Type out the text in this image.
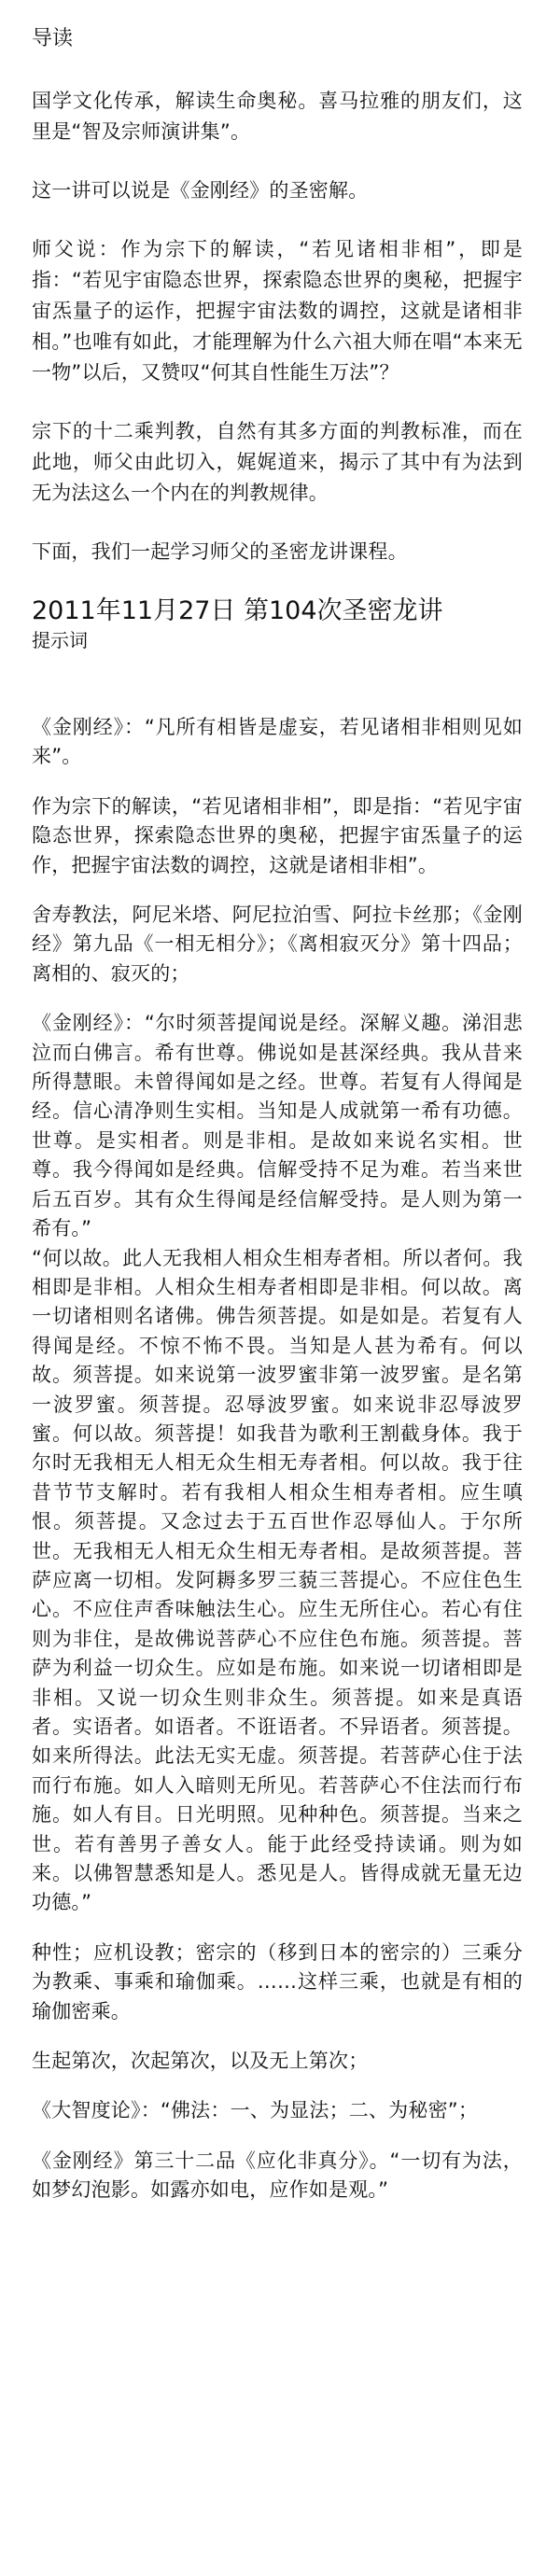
导读

国学文化传承，解读生命奥秘。喜马拉雅的朋友们，这里是“智及宗师演讲集”。

这一讲可以说是《金刚经》的圣密解。

师父说：作为宗下的解读，“若见诸相非相”，即是指：“若见宇宙隐态世界，探索隐态世界的奥秘，把握宇宙炁量子的运作，把握宇宙法数的调控，这就是诸相非相。”也唯有如此，才能理解为什么六祖大师在唱“本来无一物”以后，又赞叹“何其自性能生万法”？

宗下的十二乘判教，自然有其多方面的判教标准，而在此地，师父由此切入，娓娓道来，揭示了其中有为法到无为法这么一个内在的判教规律。

下面，我们一起学习师父的圣密龙讲课程。

2011年11月27日 第104次圣密龙讲
提示词

《金刚经》：“凡所有相皆是虚妄，若见诸相非相则见如来”。

作为宗下的解读，“若见诸相非相”，即是指：“若见宇宙隐态世界，探索隐态世界的奥秘，把握宇宙炁量子的运作，把握宇宙法数的调控，这就是诸相非相”。

舍寿教法，阿尼米塔、阿尼拉泊雪、阿拉卡丝那；《金刚经》第九品《一相无相分》；《离相寂灭分》第十四品；离相的、寂灭的；

《金刚经》：“尔时须菩提闻说是经。深解义趣。涕泪悲泣而白佛言。希有世尊。佛说如是甚深经典。我从昔来所得慧眼。未曾得闻如是之经。世尊。若复有人得闻是经。信心清净则生实相。当知是人成就第一希有功德。世尊。是实相者。则是非相。是故如来说名实相。世尊。我今得闻如是经典。信解受持不足为难。若当来世后五百岁。其有众生得闻是经信解受持。是人则为第一希有。”

“何以故。此人无我相人相众生相寿者相。所以者何。我相即是非相。人相众生相寿者相即是非相。何以故。离一切诸相则名诸佛。佛告须菩提。如是如是。若复有人得闻是经。不惊不怖不畏。当知是人甚为希有。何以故。须菩提。如来说第一波罗蜜非第一波罗蜜。是名第一波罗蜜。须菩提。忍辱波罗蜜。如来说非忍辱波罗蜜。何以故。须菩提！如我昔为歌利王割截身体。我于尔时无我相无人相无众生相无寿者相。何以故。我于往昔节节支解时。若有我相人相众生相寿者相。应生嗔恨。须菩提。又念过去于五百世作忍辱仙人。于尔所世。无我相无人相无众生相无寿者相。是故须菩提。菩萨应离一切相。发阿耨多罗三藐三菩提心。不应住色生心。不应住声香味触法生心。应生无所住心。若心有住则为非住，是故佛说菩萨心不应住色布施。须菩提。菩萨为利益一切众生。应如是布施。如来说一切诸相即是非相。又说一切众生则非众生。须菩提。如来是真语者。实语者。如语者。不诳语者。不异语者。须菩提。如来所得法。此法无实无虚。须菩提。若菩萨心住于法而行布施。如人入暗则无所见。若菩萨心不住法而行布施。如人有目。日光明照。见种种色。须菩提。当来之世。若有善男子善女人。能于此经受持读诵。则为如来。以佛智慧悉知是人。悉见是人。皆得成就无量无边功德。”

种性；应机设教；密宗的（移到日本的密宗的）三乘分为教乘、事乘和瑜伽乘。……这样三乘，也就是有相的瑜伽密乘。

生起第次，次起第次，以及无上第次；

《大智度论》：“佛法：一、为显法；二、为秘密”；

《金刚经》第三十二品《应化非真分》。“一切有为法，如梦幻泡影。如露亦如电，应作如是观。”
